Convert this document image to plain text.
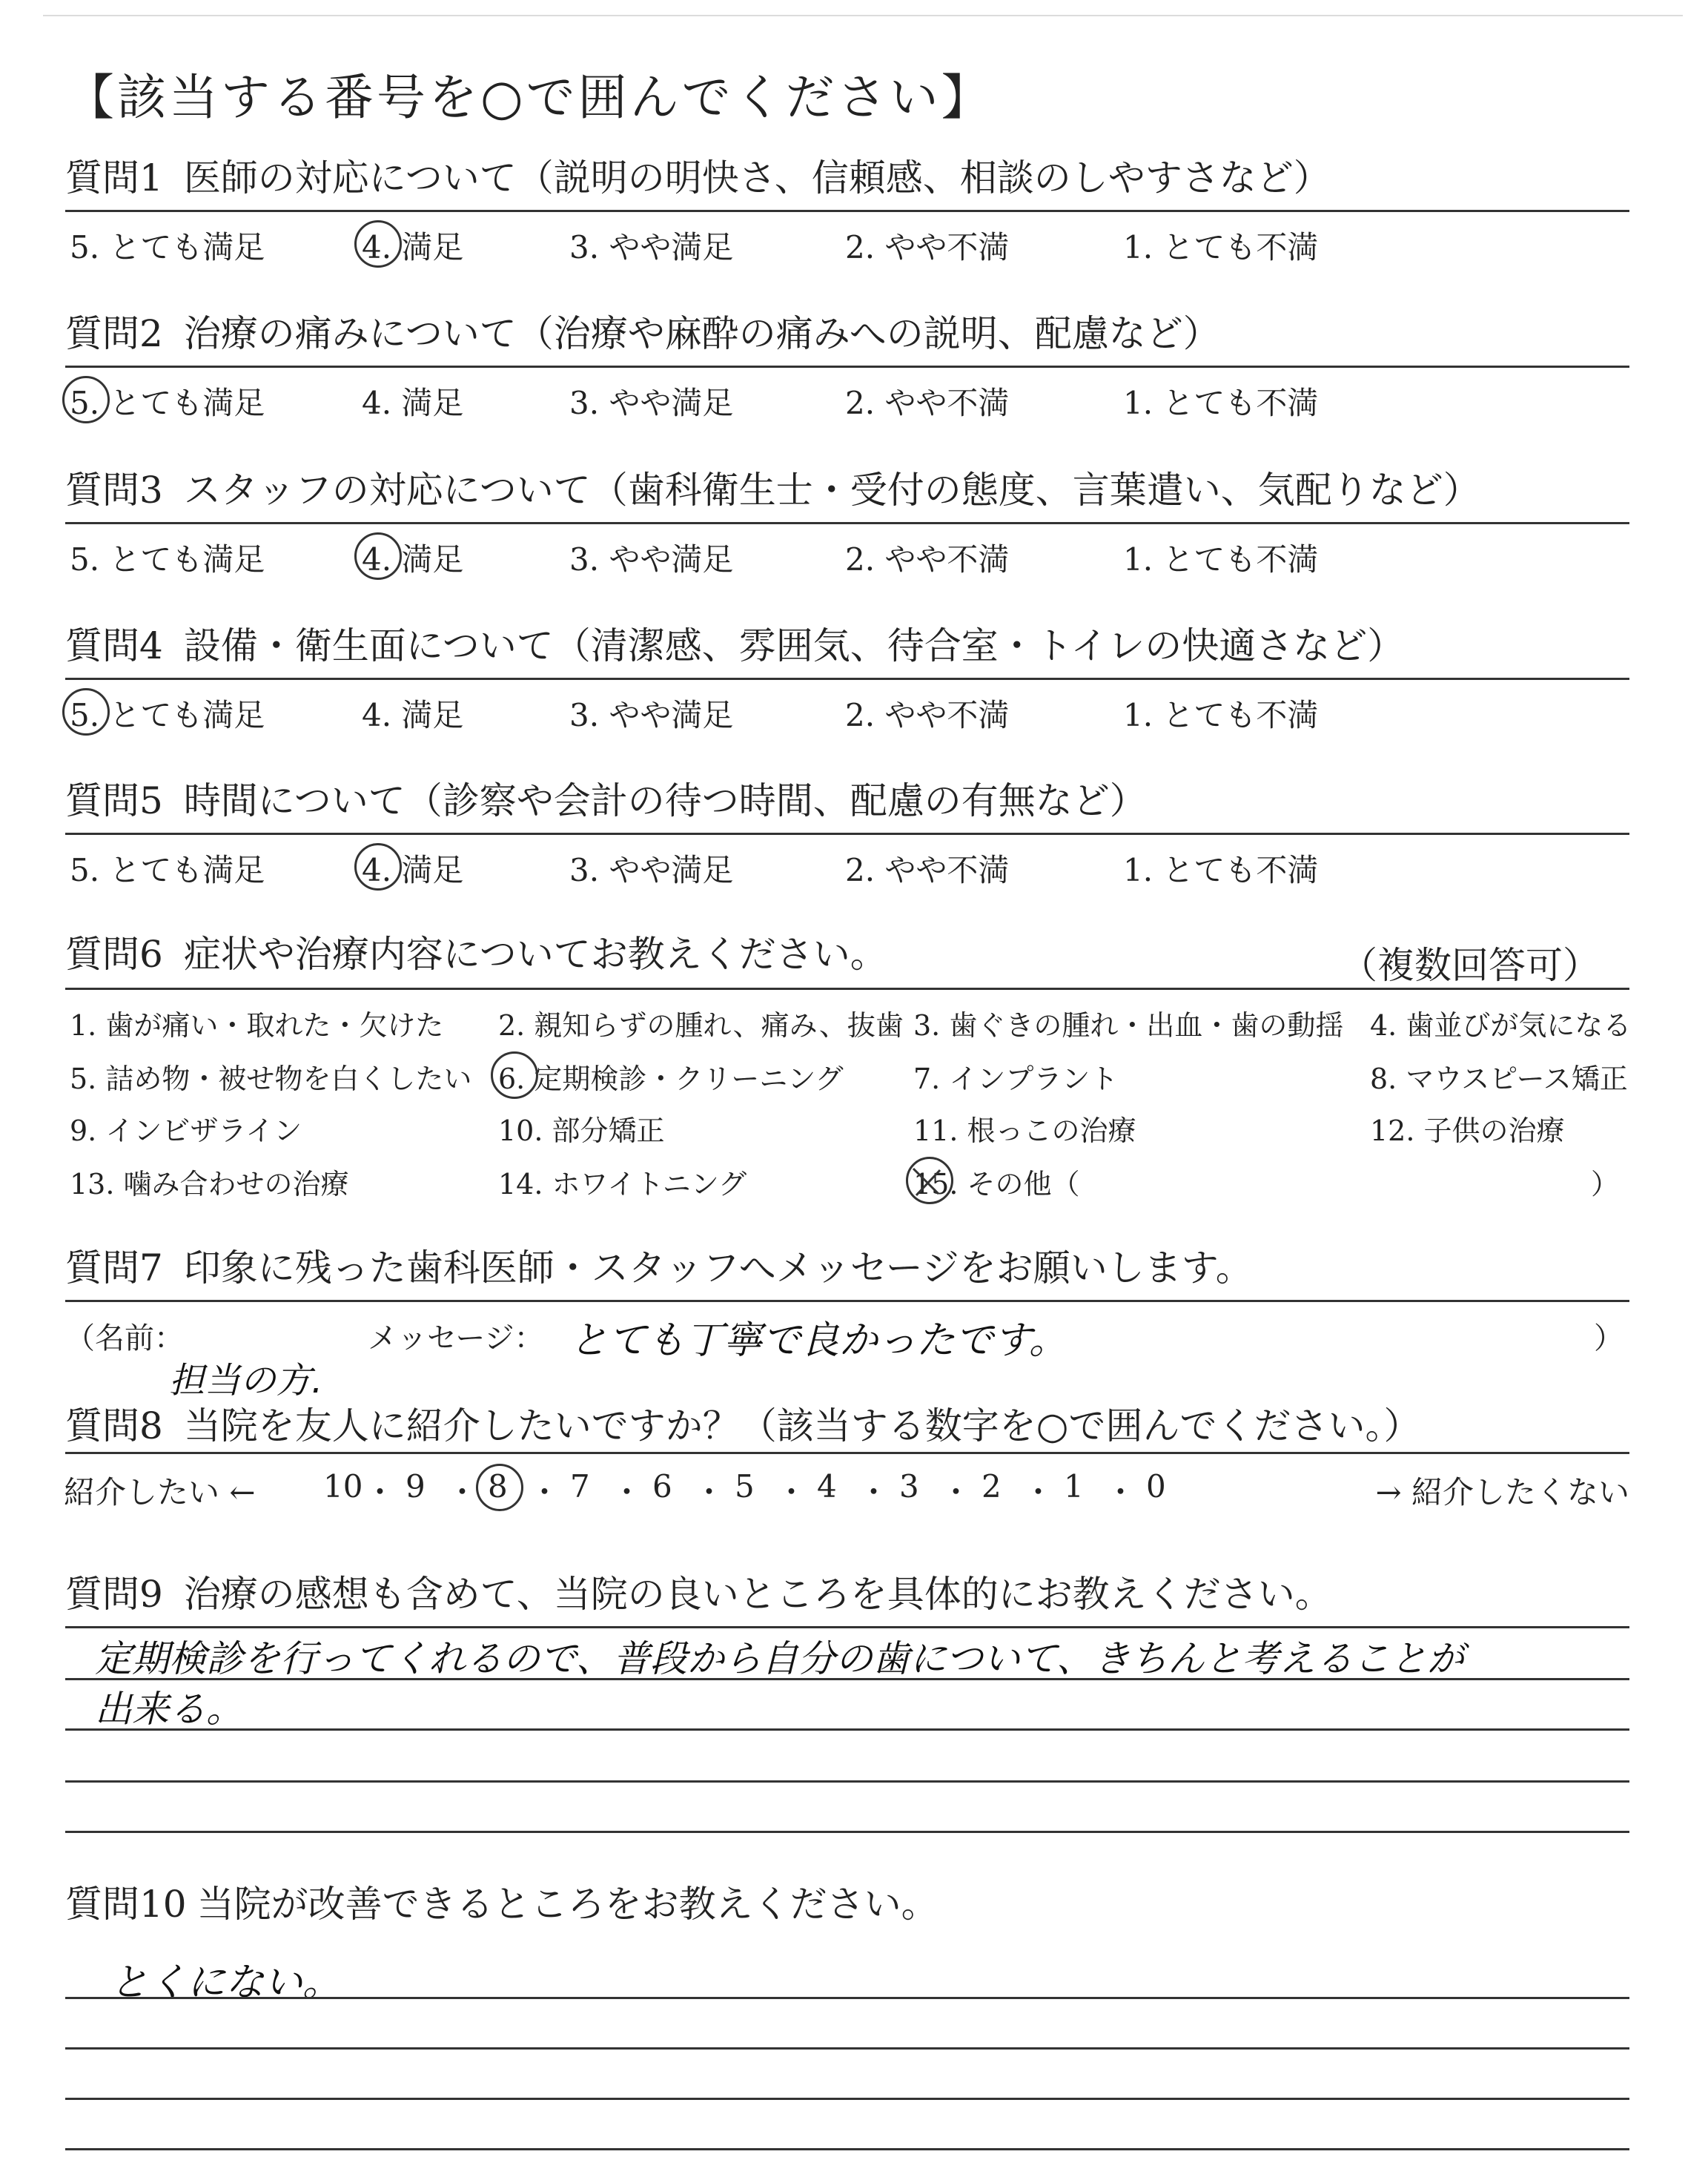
【該当する番号を○で囲んでください】
質問1 医師の対応について（説明の明快さ、信頼感、相談のしやすさなど）
5. とても満足	4. 満足	3. やや満足	2. やや不満	1. とても不満
質問2 治療の痛みについて（治療や麻酔の痛みへの説明、配慮など）
5. とても満足	4. 満足	3. やや満足	2. やや不満	1. とても不満
質問3 スタッフの対応について（歯科衛生士・受付の態度、言葉遣い、気配りなど）
5. とても満足	4. 満足	3. やや満足	2. やや不満	1. とても不満
質問4 設備・衛生面について（清潔感、雰囲気、待合室・トイレの快適さなど）
5. とても満足	4. 満足	3. やや満足	2. やや不満	1. とても不満
質問5 時間について（診察や会計の待つ時間、配慮の有無など）
5. とても満足	4. 満足	3. やや満足	2. やや不満	1. とても不満
質問6 症状や治療内容についてお教えください。	（複数回答可）
1. 歯が痛い・取れた・欠けた 2. 親知らずの腫れ、痛み、抜歯 3. 歯ぐきの腫れ・出血・歯の動揺 4. 歯並びが気になる
5. 詰め物・被せ物を白くしたい 6. 定期検診・クリーニング 7. インプラント	8. マウスピース矯正
9. インビザライン	10. 部分矯正	11. 根っこの治療	12. 子供の治療
13. 噛み合わせの治療	14. ホワイトニング	15. その他（	）
質問7 印象に残った歯科医師・スタッフへメッセージをお願いします。
（名前：	メッセージ：	）
とても丁寧で良かったです。
担当の方.
質問8 当院を友人に紹介したいですか？（該当する数字を○で囲んでください。）
紹介したい ←	→ 紹介したくない
10 ・ 9 ・ 8 ・ 7 ・ 6 ・ 5 ・ 4 ・ 3 ・ 2 ・ 1 ・ 0
質問9 治療の感想も含めて、当院の良いところを具体的にお教えください。
定期検診を行ってくれるので、普段から自分の歯について、きちんと考えることが
出来る。
質問10 当院が改善できるところをお教えください。
とくにない。
